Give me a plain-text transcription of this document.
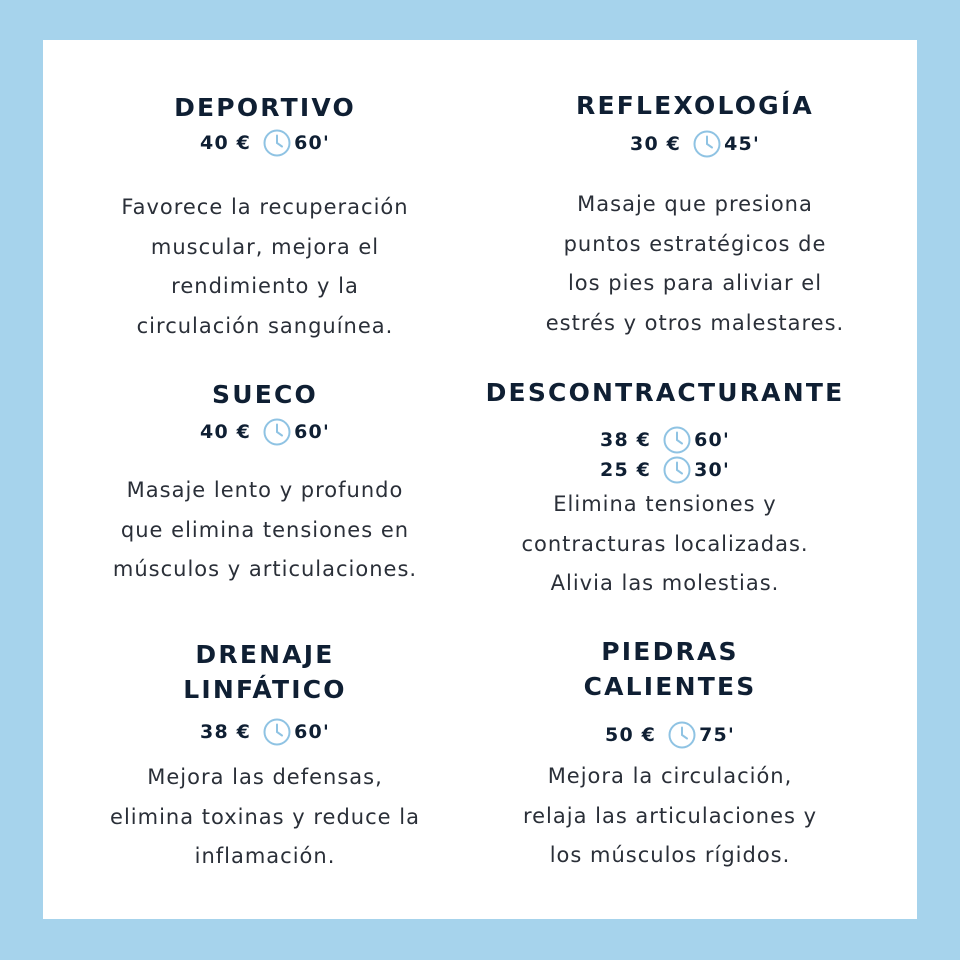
DEPORTIVO
40 € 60'

Favorece la recuperación
muscular, mejora el
rendimiento y la
circulación sanguínea.

REFLEXOLOGÍA
30 € 45'

Masaje que presiona
puntos estratégicos de
los pies para aliviar el
estrés y otros malestares.

SUECO
40 € 60'

Masaje lento y profundo
que elimina tensiones en
músculos y articulaciones.

DESCONTRACTURANTE
38 € 60'
25 € 30'

Elimina tensiones y
contracturas localizadas.
Alivia las molestias.

DRENAJE
LINFÁTICO
38 € 60'

Mejora las defensas,
elimina toxinas y reduce la
inflamación.

PIEDRAS
CALIENTES
50 € 75'

Mejora la circulación,
relaja las articulaciones y
los músculos rígidos.
